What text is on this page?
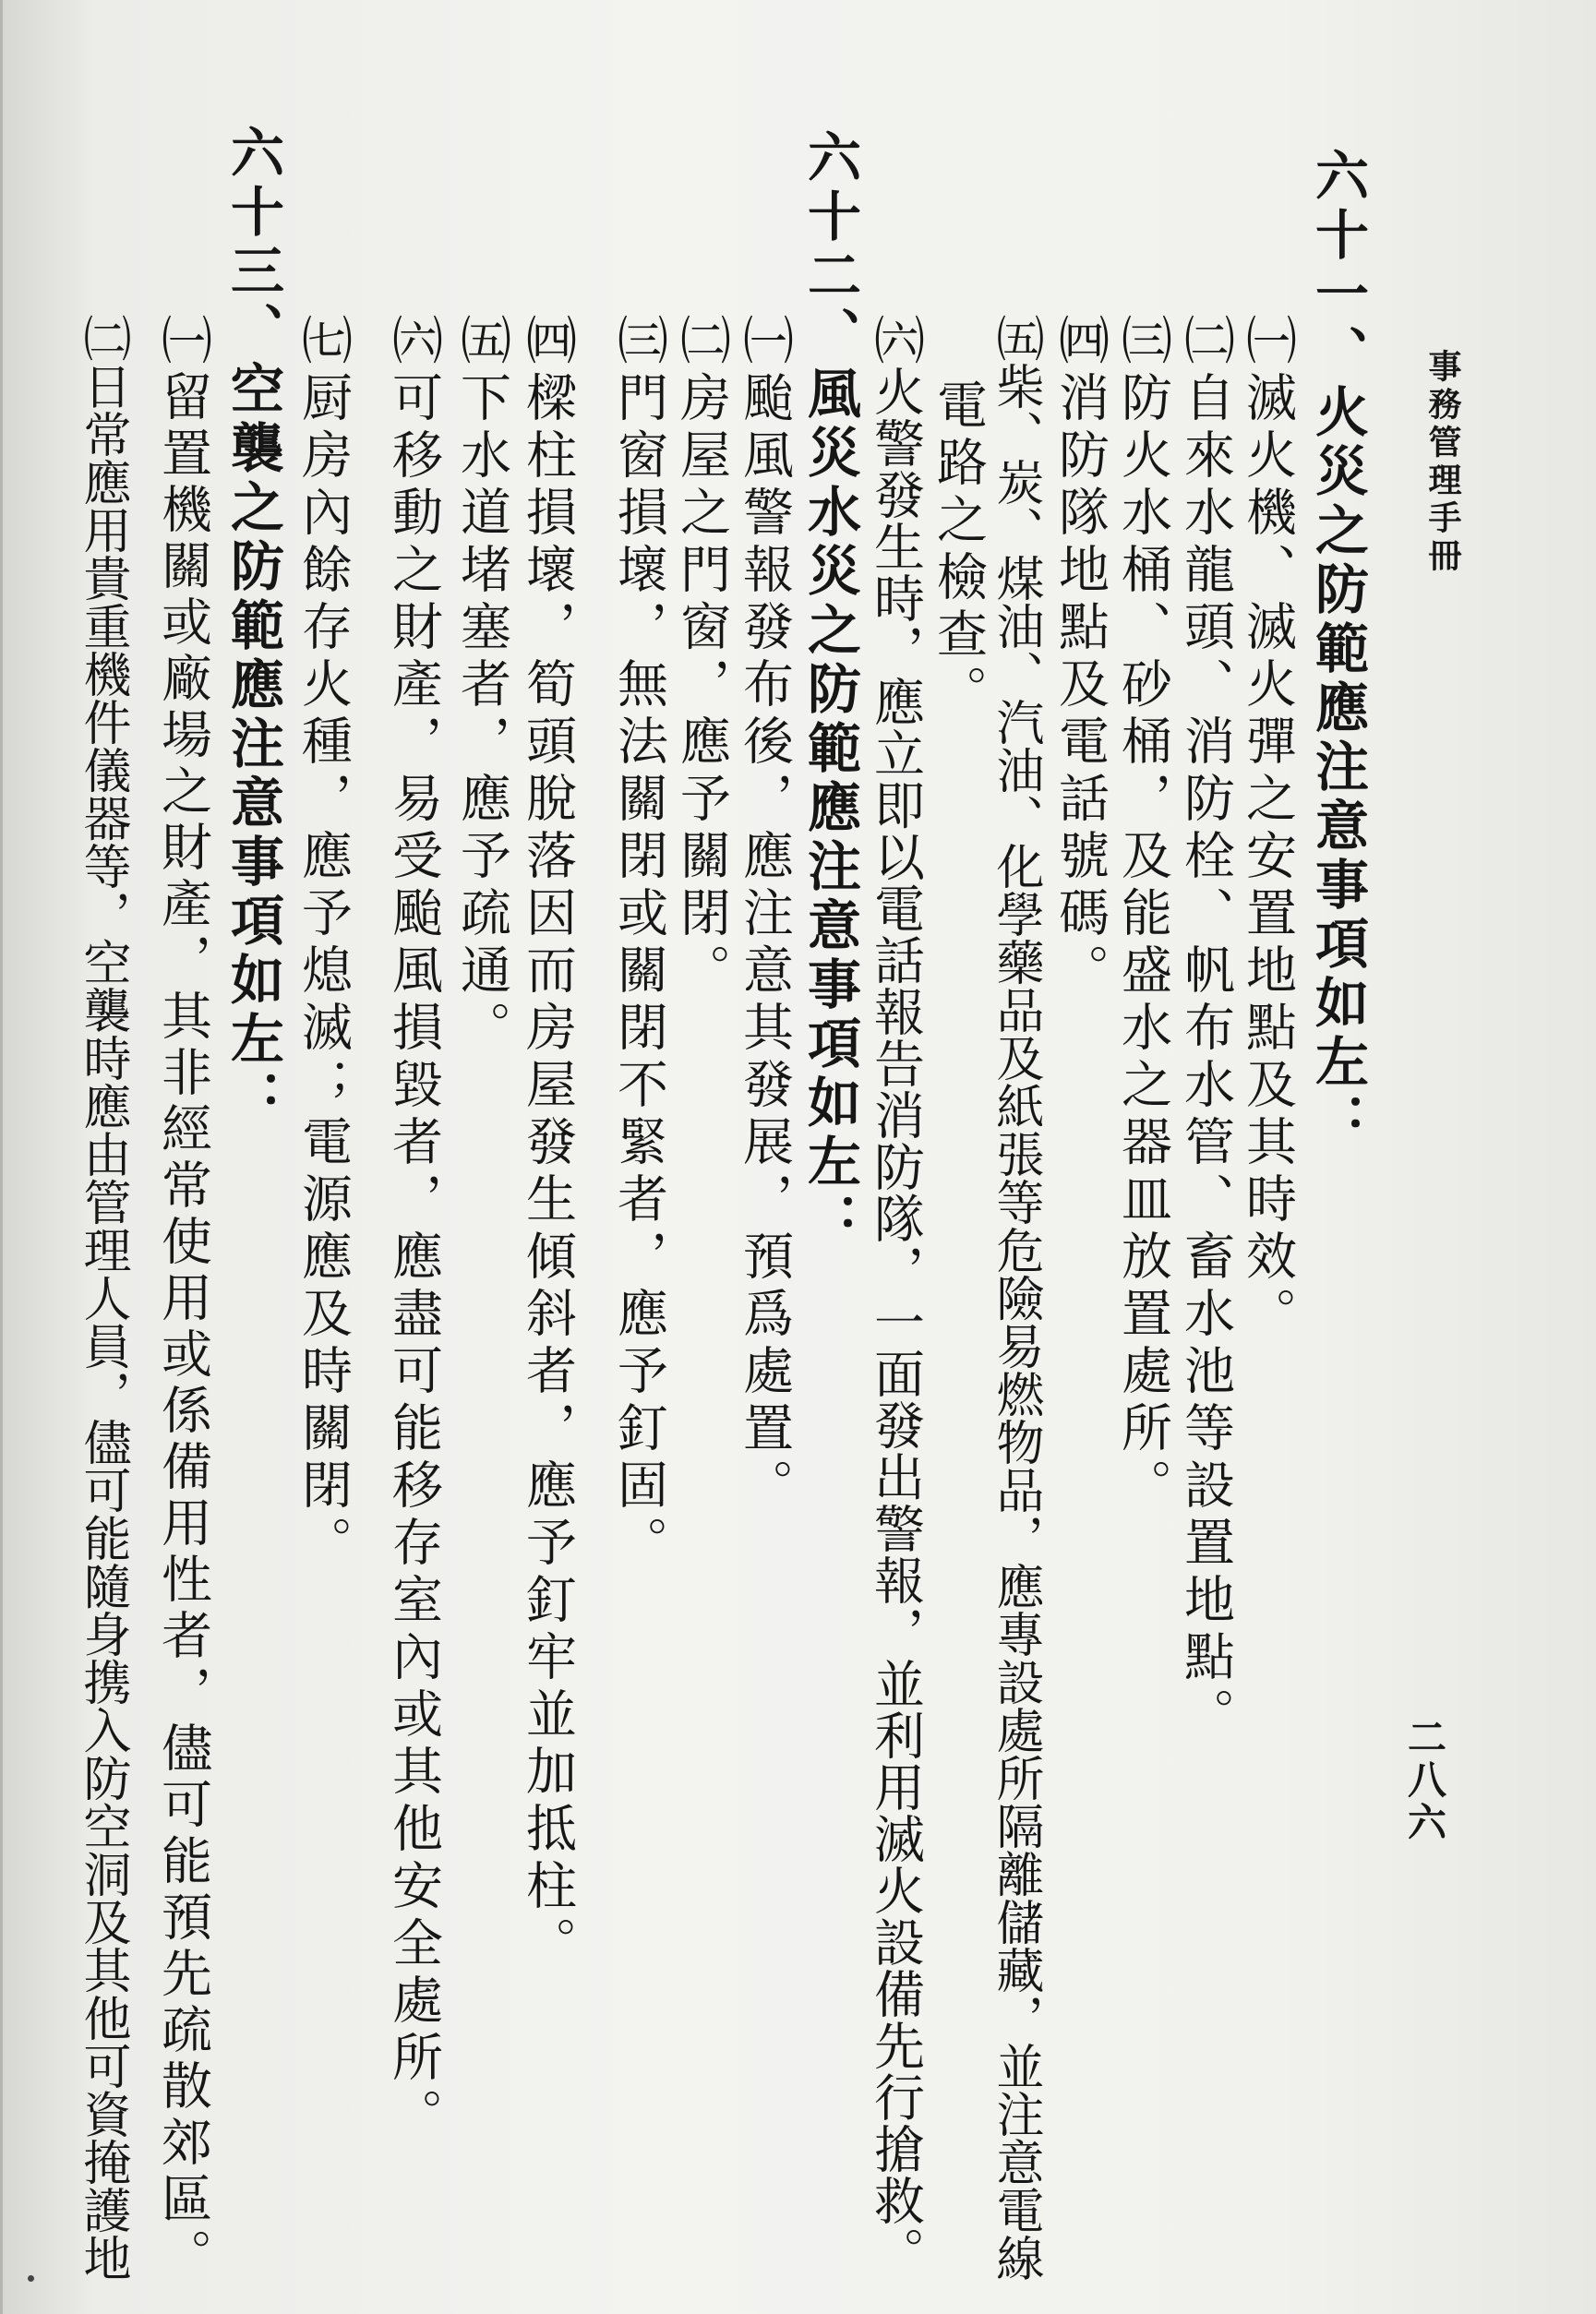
事務管理手冊
二八六
六十一、火災之防範應注意事項如左：
㈠滅火機、滅火彈之安置地點及其時效。
㈡自來水龍頭、消防栓、帆布水管、畜水池等設置地點。
㈢防火水桶、砂桶，及能盛水之器皿放置處所。
㈣消防隊地點及電話號碼。
㈤柴、炭、煤油、汽油、化學藥品及紙張等危險易燃物品，應專設處所隔離儲藏，並注意電線
電路之檢查。
㈥火警發生時，應立即以電話報告消防隊，一面發出警報，並利用滅火設備先行搶救。
六十二、風災水災之防範應注意事項如左：
㈠颱風警報發布後，應注意其發展，預爲處置。
㈡房屋之門窗，應予關閉。
㈢門窗損壞，無法關閉或關閉不緊者，應予釘固。
㈣樑柱損壞，筍頭脫落因而房屋發生傾斜者，應予釘牢並加抵柱。
㈤下水道堵塞者，應予疏通。
㈥可移動之財產，易受颱風損毀者，應盡可能移存室內或其他安全處所。
㈦厨房內餘存火種，應予熄滅；電源應及時關閉。
六十三、空襲之防範應注意事項如左：
㈠留置機關或廠場之財產，其非經常使用或係備用性者，儘可能預先疏散郊區。
㈡日常應用貴重機件儀器等，空襲時應由管理人員，儘可能隨身携入防空洞及其他可資掩護地
